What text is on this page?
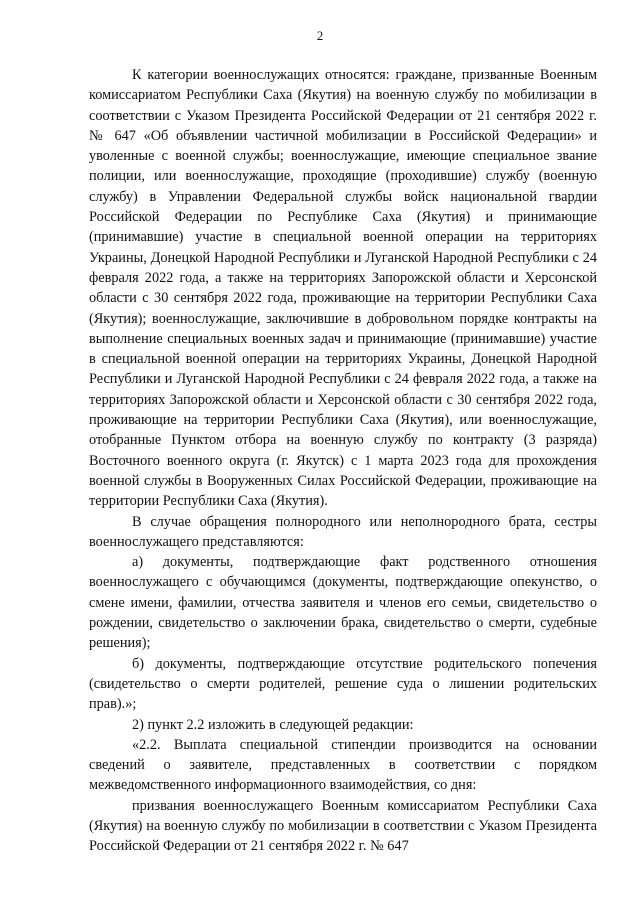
2

К категории военнослужащих относятся: граждане, призванные Военным комиссариатом Республики Саха (Якутия) на военную службу по мобилизации в соответствии с Указом Президента Российской Федерации от 21 сентября 2022 г. № 647 «Об объявлении частичной мобилизации в Российской Федерации» и уволенные с военной службы; военнослужащие, имеющие специальное звание полиции, или военнослужащие, проходящие (проходившие) службу (военную службу) в Управлении Федеральной службы войск национальной гвардии Российской Федерации по Республике Саха (Якутия) и принимающие (принимавшие) участие в специальной военной операции на территориях Украины, Донецкой Народной Республики и Луганской Народной Республики с 24 февраля 2022 года, а также на территориях Запорожской области и Херсонской области с 30 сентября 2022 года, проживающие на территории Республики Саха (Якутия); военнослужащие, заключившие в добровольном порядке контракты на выполнение специальных военных задач и принимающие (принимавшие) участие в специальной военной операции на территориях Украины, Донецкой Народной Республики и Луганской Народной Республики с 24 февраля 2022 года, а также на территориях Запорожской области и Херсонской области с 30 сентября 2022 года, проживающие на территории Республики Саха (Якутия), или военнослужащие, отобранные Пунктом отбора на военную службу по контракту (3 разряда) Восточного военного округа (г. Якутск) с 1 марта 2023 года для прохождения военной службы в Вооруженных Силах Российской Федерации, проживающие на территории Республики Саха (Якутия).

В случае обращения полнородного или неполнородного брата, сестры военнослужащего представляются:

а) документы, подтверждающие факт родственного отношения военнослужащего с обучающимся (документы, подтверждающие опекунство, о смене имени, фамилии, отчества заявителя и членов его семьи, свидетельство о рождении, свидетельство о заключении брака, свидетельство о смерти, судебные решения);

б) документы, подтверждающие отсутствие родительского попечения (свидетельство о смерти родителей, решение суда о лишении родительских прав).»;

2) пункт 2.2 изложить в следующей редакции:

«2.2. Выплата специальной стипендии производится на основании сведений о заявителе, представленных в соответствии с порядком межведомственного информационного взаимодействия, со дня:

призвания военнослужащего Военным комиссариатом Республики Саха (Якутия) на военную службу по мобилизации в соответствии с Указом Президента Российской Федерации от 21 сентября 2022 г. № 647
